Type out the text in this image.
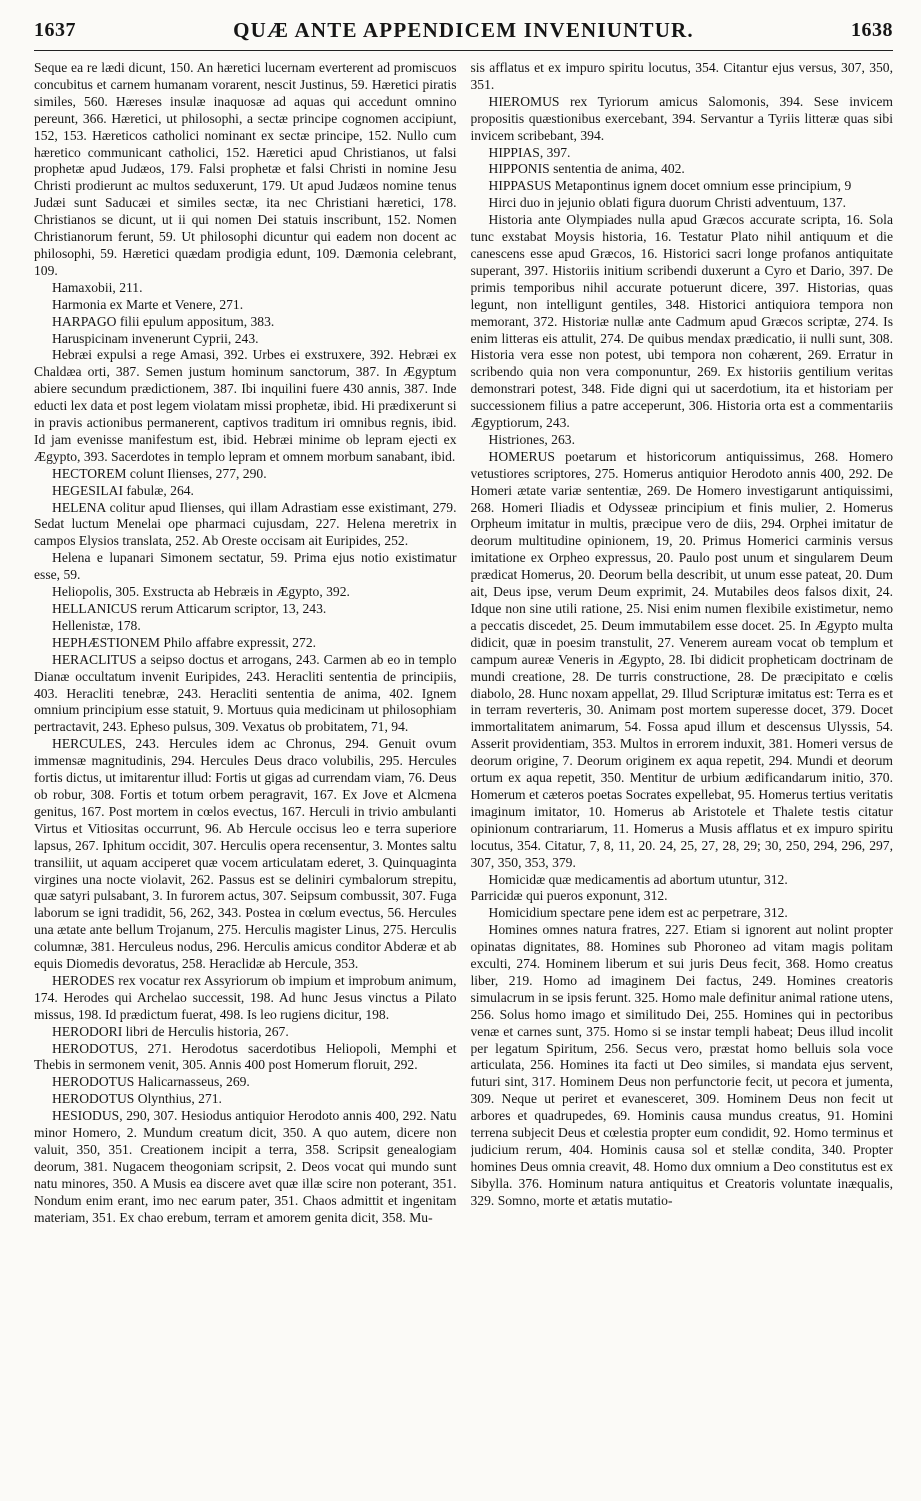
1637	QUÆ ANTE APPENDICEM INVENIUNTUR.	1638

Seque ea re lædi dicunt, 150. An hæretici lucernam everterent ad promiscuos concubitus et carnem humanam vorarent, nescit Justinus, 59. Hæretici piratis similes, 560. Hæreses insulæ inaquosæ ad aquas qui accedunt omnino pereunt, 366. Hæretici, ut philosophi, a sectæ principe cognomen accipiunt, 152, 153. Hæreticos catholici nominant ex sectæ principe, 152. Nullo cum hæretico communicant catholici, 152. Hæretici apud Christianos, ut falsi prophetæ apud Judæos, 179. Falsi prophetæ et falsi Christi in nomine Jesu Christi prodierunt ac multos seduxerunt, 179. Ut apud Judæos nomine tenus Judæi sunt Saducæi et similes sectæ, ita nec Christiani hæretici, 178. Christianos se dicunt, ut ii qui nomen Dei statuis inscribunt, 152. Nomen Christianorum ferunt, 59. Ut philosophi dicuntur qui eadem non docent ac philosophi, 59. Hæretici quædam prodigia edunt, 109. Dæmonia celebrant, 109.

Hamaxobii, 211.

Harmonia ex Marte et Venere, 271.

HARPAGO filii epulum appositum, 383.

Haruspicinam invenerunt Cyprii, 243.

Hebræi expulsi a rege Amasi, 392. Urbes ei exstruxere, 392. Hebræi ex Chaldæa orti, 387. Semen justum hominum sanctorum, 387. In Ægyptum abiere secundum prædictionem, 387. Ibi inquilini fuere 430 annis, 387. Inde educti lex data et post legem violatam missi prophetæ, ibid. Hi prædixerunt si in pravis actionibus permanerent, captivos traditum iri omnibus regnis, ibid. Id jam evenisse manifestum est, ibid. Hebræi minime ob lepram ejecti ex Ægypto, 393. Sacerdotes in templo lepram et omnem morbum sanabant, ibid.

HECTOREM colunt Ilienses, 277, 290.

HEGESILAI fabulæ, 264.

HELENA colitur apud Ilienses, qui illam Adrastiam esse existimant, 279. Sedat luctum Menelai ope pharmaci cujusdam, 227. Helena meretrix in campos Elysios translata, 252. Ab Oreste occisam ait Euripides, 252.

Helena e lupanari Simonem sectatur, 59. Prima ejus notio existimatur esse, 59.

Heliopolis, 305. Exstructa ab Hebræis in Ægypto, 392.

HELLANICUS rerum Atticarum scriptor, 13, 243.

Hellenistæ, 178.

HEPHÆSTIONEM Philo affabre expressit, 272.

HERACLITUS a seipso doctus et arrogans, 243. Carmen ab eo in templo Dianæ occultatum invenit Euripides, 243. Heracliti sententia de principiis, 403. Heracliti tenebræ, 243. Heracliti sententia de anima, 402. Ignem omnium principium esse statuit, 9. Mortuus quia medicinam ut philosophiam pertractavit, 243. Epheso pulsus, 309. Vexatus ob probitatem, 71, 94.

HERCULES, 243. Hercules idem ac Chronus, 294. Genuit ovum immensæ magnitudinis, 294. Hercules Deus draco volubilis, 295. Hercules fortis dictus, ut imitarentur illud: Fortis ut gigas ad currendam viam, 76. Deus ob robur, 308. Fortis et totum orbem peragravit, 167. Ex Jove et Alcmena genitus, 167. Post mortem in cœlos evectus, 167. Herculi in trivio ambulanti Virtus et Vitiositas occurrunt, 96. Ab Hercule occisus leo e terra superiore lapsus, 267. Iphitum occidit, 307. Herculis opera recensentur, 3. Montes saltu transiliit, ut aquam acciperet quæ vocem articulatam ederet, 3. Quinquaginta virgines una nocte violavit, 262. Passus est se deliniri cymbalorum strepitu, quæ satyri pulsabant, 3. In furorem actus, 307. Seipsum combussit, 307. Fuga laborum se igni tradidit, 56, 262, 343. Postea in cœlum evectus, 56. Hercules una ætate ante bellum Trojanum, 275. Herculis magister Linus, 275. Herculis columnæ, 381. Herculeus nodus, 296. Herculis amicus conditor Abderæ et ab equis Diomedis devoratus, 258. Heraclidæ ab Hercule, 353.

HERODES rex vocatur rex Assyriorum ob impium et improbum animum, 174. Herodes qui Archelao successit, 198. Ad hunc Jesus vinctus a Pilato missus, 198. Id prædictum fuerat, 498. Is leo rugiens dicitur, 198.

HERODORI libri de Herculis historia, 267.

HERODOTUS, 271. Herodotus sacerdotibus Heliopoli, Memphi et Thebis in sermonem venit, 305. Annis 400 post Homerum floruit, 292.

HERODOTUS Halicarnasseus, 269.

HERODOTUS Olynthius, 271.

HESIODUS, 290, 307. Hesiodus antiquior Herodoto annis 400, 292. Natu minor Homero, 2. Mundum creatum dicit, 350. A quo autem, dicere non valuit, 350, 351. Creationem incipit a terra, 358. Scripsit genealogiam deorum, 381. Nugacem theogoniam scripsit, 2. Deos vocat qui mundo sunt natu minores, 350. A Musis ea discere avet quæ illæ scire non poterant, 351. Nondum enim erant, imo nec earum pater, 351. Chaos admittit et ingenitam materiam, 351. Ex chao erebum, terram et amorem genita dicit, 358. Mu-

sis afflatus et ex impuro spiritu locutus, 354. Citantur ejus versus, 307, 350, 351.

HIEROMUS rex Tyriorum amicus Salomonis, 394. Sese invicem propositis quæstionibus exercebant, 394. Servantur a Tyriis litteræ quas sibi invicem scribebant, 394.

HIPPIAS, 397.

HIPPONIS sententia de anima, 402.

HIPPASUS Metapontinus ignem docet omnium esse principium, 9

Hirci duo in jejunio oblati figura duorum Christi adventuum, 137.

Historia ante Olympiades nulla apud Græcos accurate scripta, 16. Sola tunc exstabat Moysis historia, 16. Testatur Plato nihil antiquum et die canescens esse apud Græcos, 16. Historici sacri longe profanos antiquitate superant, 397. Historiis initium scribendi duxerunt a Cyro et Dario, 397. De primis temporibus nihil accurate potuerunt dicere, 397. Historias, quas legunt, non intelligunt gentiles, 348. Historici antiquiora tempora non memorant, 372. Historiæ nullæ ante Cadmum apud Græcos scriptæ, 274. Is enim litteras eis attulit, 274. De quibus mendax prædicatio, ii nulli sunt, 308. Historia vera esse non potest, ubi tempora non cohærent, 269. Erratur in scribendo quia non vera componuntur, 269. Ex historiis gentilium veritas demonstrari potest, 348. Fide digni qui ut sacerdotium, ita et historiam per successionem filius a patre acceperunt, 306. Historia orta est a commentariis Ægyptiorum, 243.

Histriones, 263.

HOMERUS poetarum et historicorum antiquissimus, 268. Homero vetustiores scriptores, 275. Homerus antiquior Herodoto annis 400, 292. De Homeri ætate variæ sententiæ, 269. De Homero investigarunt antiquissimi, 268. Homeri Iliadis et Odysseæ principium et finis mulier, 2. Homerus Orpheum imitatur in multis, præcipue vero de diis, 294. Orphei imitatur de deorum multitudine opinionem, 19, 20. Primus Homerici carminis versus imitatione ex Orpheo expressus, 20. Paulo post unum et singularem Deum prædicat Homerus, 20. Deorum bella describit, ut unum esse pateat, 20. Dum ait, Deus ipse, verum Deum exprimit, 24. Mutabiles deos falsos dixit, 24. Idque non sine utili ratione, 25. Nisi enim numen flexibile existimetur, nemo a peccatis discedet, 25. Deum immutabilem esse docet. 25. In Ægypto multa didicit, quæ in poesim transtulit, 27. Venerem auream vocat ob templum et campum aureæ Veneris in Ægypto, 28. Ibi didicit propheticam doctrinam de mundi creatione, 28. De turris constructione, 28. De præcipitato e cœlis diabolo, 28. Hunc noxam appellat, 29. Illud Scripturæ imitatus est: Terra es et in terram reverteris, 30. Animam post mortem superesse docet, 379. Docet immortalitatem animarum, 54. Fossa apud illum et descensus Ulyssis, 54. Asserit providentiam, 353. Multos in errorem induxit, 381. Homeri versus de deorum origine, 7. Deorum originem ex aqua repetit, 294. Mundi et deorum ortum ex aqua repetit, 350. Mentitur de urbium ædificandarum initio, 370. Homerum et cæteros poetas Socrates expellebat, 95. Homerus tertius veritatis imaginum imitator, 10. Homerus ab Aristotele et Thalete testis citatur opinionum contrariarum, 11. Homerus a Musis afflatus et ex impuro spiritu locutus, 354. Citatur, 7, 8, 11, 20. 24, 25, 27, 28, 29; 30, 250, 294, 296, 297, 307, 350, 353, 379.

Homicidæ quæ medicamentis ad abortum utuntur, 312.

Parricidæ qui pueros exponunt, 312.

Homicidium spectare pene idem est ac perpetrare, 312.

Homines omnes natura fratres, 227. Etiam si ignorent aut nolint propter opinatas dignitates, 88. Homines sub Phoroneo ad vitam magis politam exculti, 274. Hominem liberum et sui juris Deus fecit, 368. Homo creatus liber, 219. Homo ad imaginem Dei factus, 249. Homines creatoris simulacrum in se ipsis ferunt. 325. Homo male definitur animal ratione utens, 256. Solus homo imago et similitudo Dei, 255. Homines qui in pectoribus venæ et carnes sunt, 375. Homo si se instar templi habeat; Deus illud incolit per legatum Spiritum, 256. Secus vero, præstat homo belluis sola voce articulata, 256. Homines ita facti ut Deo similes, si mandata ejus servent, futuri sint, 317. Hominem Deus non perfunctorie fecit, ut pecora et jumenta, 309. Neque ut periret et evanesceret, 309. Hominem Deus non fecit ut arbores et quadrupedes, 69. Hominis causa mundus creatus, 91. Homini terrena subjecit Deus et cœlestia propter eum condidit, 92. Homo terminus et judicium rerum, 404. Hominis causa sol et stellæ condita, 340. Propter homines Deus omnia creavit, 48. Homo dux omnium a Deo constitutus est ex Sibylla. 376. Hominum natura antiquitus et Creatoris voluntate inæqualis, 329. Somno, morte et ætatis mutatio-
